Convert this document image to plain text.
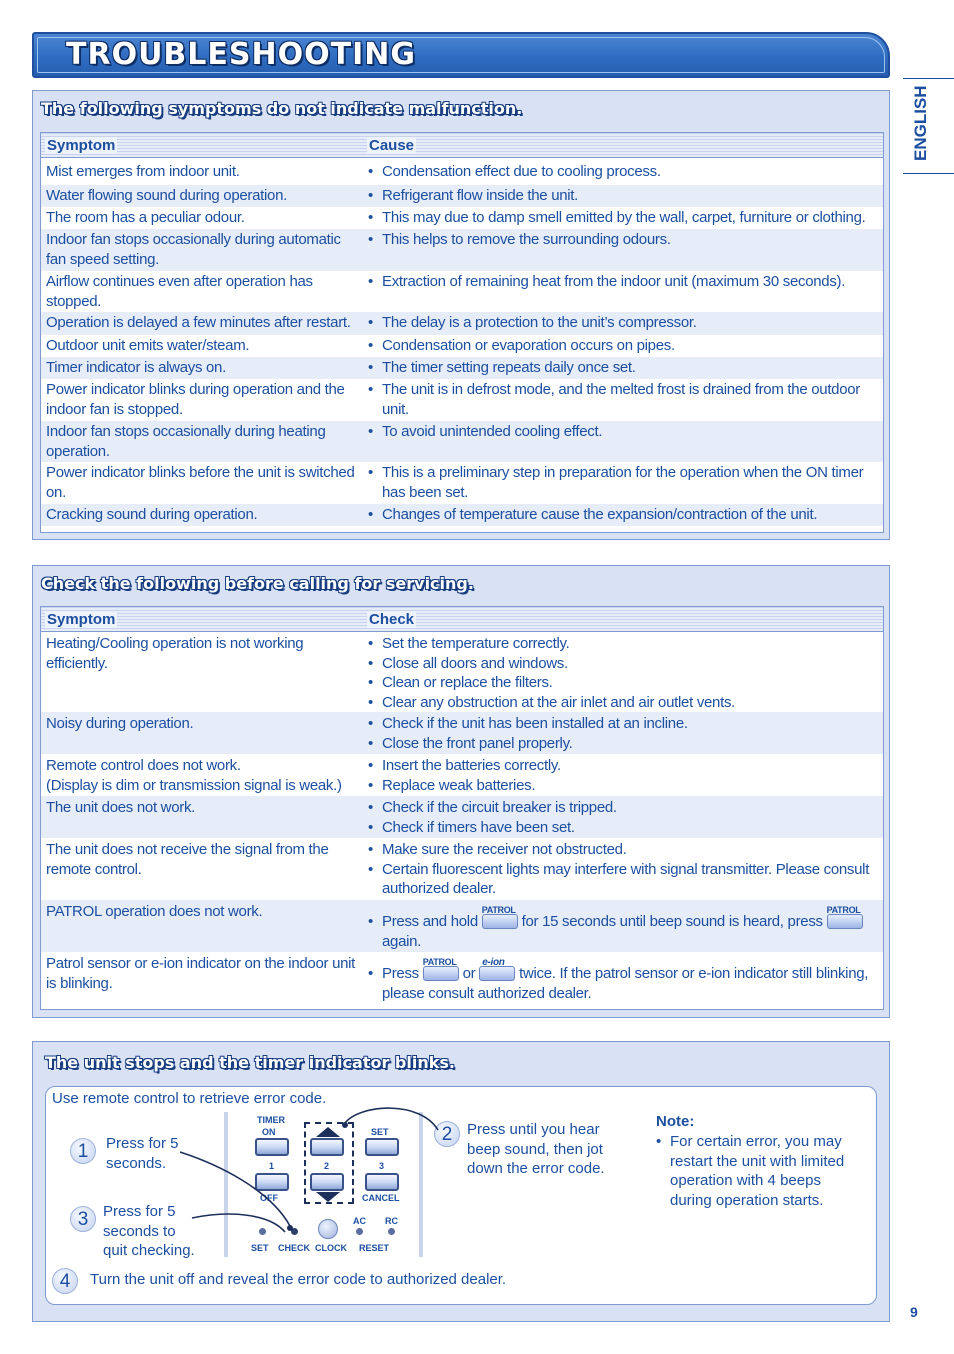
TROUBLESHOOTING
ENGLISH
The following symptoms do not indicate malfunction.
Symptom	Cause
Mist emerges from indoor unit.	• Condensation effect due to cooling process.
Water flowing sound during operation.	• Refrigerant flow inside the unit.
The room has a peculiar odour.	• This may due to damp smell emitted by the wall, carpet, furniture or clothing.
Indoor fan stops occasionally during automatic fan speed setting.
• This helps to remove the surrounding odours.
Airflow continues even after operation has stopped.
• Extraction of remaining heat from the indoor unit (maximum 30 seconds).
Operation is delayed a few minutes after restart.	• The delay is a protection to the unit’s compressor.
Outdoor unit emits water/steam.	• Condensation or evaporation occurs on pipes.
Timer indicator is always on.	• The timer setting repeats daily once set.
Power indicator blinks during operation and the indoor fan is stopped.
• The unit is in defrost mode, and the melted frost is drained from the outdoor unit.
Indoor fan stops occasionally during heating operation.
• To avoid unintended cooling effect.
Power indicator blinks before the unit is switched on.
• This is a preliminary step in preparation for the operation when the ON timer has been set.
Cracking sound during operation.	• Changes of temperature cause the expansion/contraction of the unit.
Check the following before calling for servicing.
Symptom	Check
Heating/Cooling operation is not working efficiently.
• Set the temperature correctly.
• Close all doors and windows.
• Clean or replace the filters.
• Clear any obstruction at the air inlet and air outlet vents.
Noisy during operation.	• Check if the unit has been installed at an incline.
• Close the front panel properly.
Remote control does not work.
(Display is dim or transmission signal is weak.)
• Insert the batteries correctly.
• Replace weak batteries.
The unit does not work.	• Check if the circuit breaker is tripped.
• Check if timers have been set.
The unit does not receive the signal from the remote control.
• Make sure the receiver not obstructed.
• Certain fluorescent lights may interfere with signal transmitter. Please consult authorized dealer.
PATROL operation does not work.
• Press and hold
PATROL
for 15 seconds until beep sound is heard, press
PATROL
again.
Patrol sensor or e-ion indicator on the indoor unit is blinking.
• Press
PATROL
or
e-ion
twice. If the patrol sensor or e-ion indicator still blinking, please consult authorized dealer.
The unit stops and the timer indicator blinks.
Use remote control to retrieve error code.
1	Press for 5 seconds.
3 Press for 5 seconds to quit checking.
2 Press until you hear beep sound, then jot down the error code.
4	Turn the unit off and reveal the error code to authorized dealer.
Note:
• For certain error, you may restart the unit with limited operation with 4 beeps during operation starts.
TIMER
ON	SET
1	2	3
OFF	CANCEL
AC RC
SET CHECK CLOCK RESET
9
